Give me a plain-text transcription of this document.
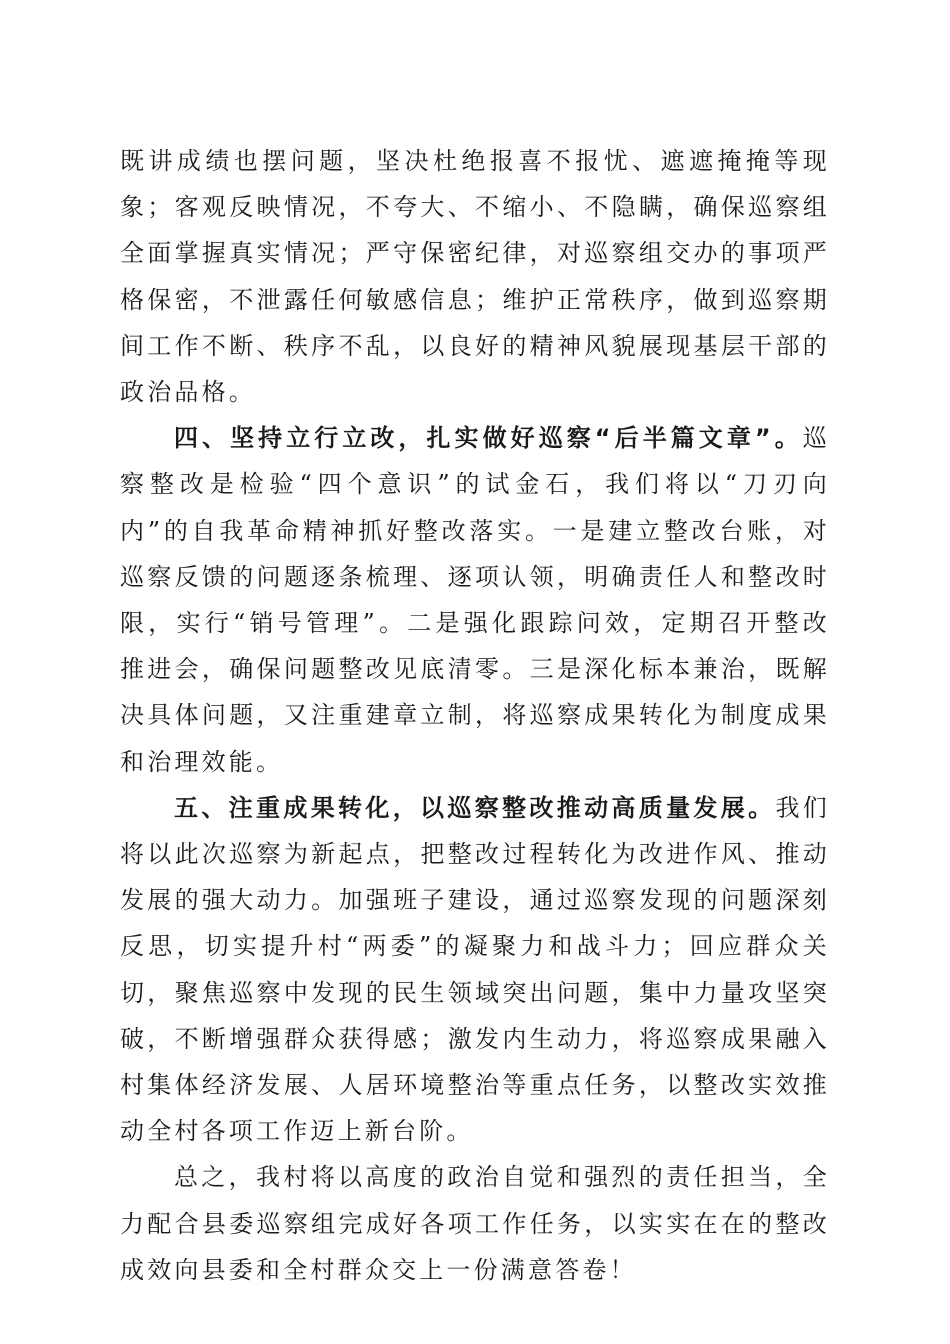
既讲成绩也摆问题，坚决杜绝报喜不报忧、遮遮掩掩等现象；客观反映情况，不夸大、不缩小、不隐瞒，确保巡察组全面掌握真实情况；严守保密纪律，对巡察组交办的事项严格保密，不泄露任何敏感信息；维护正常秩序，做到巡察期间工作不断、秩序不乱，以良好的精神风貌展现基层干部的政治品格。

四、坚持立行立改，扎实做好巡察“后半篇文章”。巡察整改是检验“四个意识”的试金石，我们将以“刀刃向内”的自我革命精神抓好整改落实。一是建立整改台账，对巡察反馈的问题逐条梳理、逐项认领，明确责任人和整改时限，实行“销号管理”。二是强化跟踪问效，定期召开整改推进会，确保问题整改见底清零。三是深化标本兼治，既解决具体问题，又注重建章立制，将巡察成果转化为制度成果和治理效能。

五、注重成果转化，以巡察整改推动高质量发展。我们将以此次巡察为新起点，把整改过程转化为改进作风、推动发展的强大动力。加强班子建设，通过巡察发现的问题深刻反思，切实提升村“两委”的凝聚力和战斗力；回应群众关切，聚焦巡察中发现的民生领域突出问题，集中力量攻坚突破，不断增强群众获得感；激发内生动力，将巡察成果融入村集体经济发展、人居环境整治等重点任务，以整改实效推动全村各项工作迈上新台阶。

总之，我村将以高度的政治自觉和强烈的责任担当，全力配合县委巡察组完成好各项工作任务，以实实在在的整改成效向县委和全村群众交上一份满意答卷！
